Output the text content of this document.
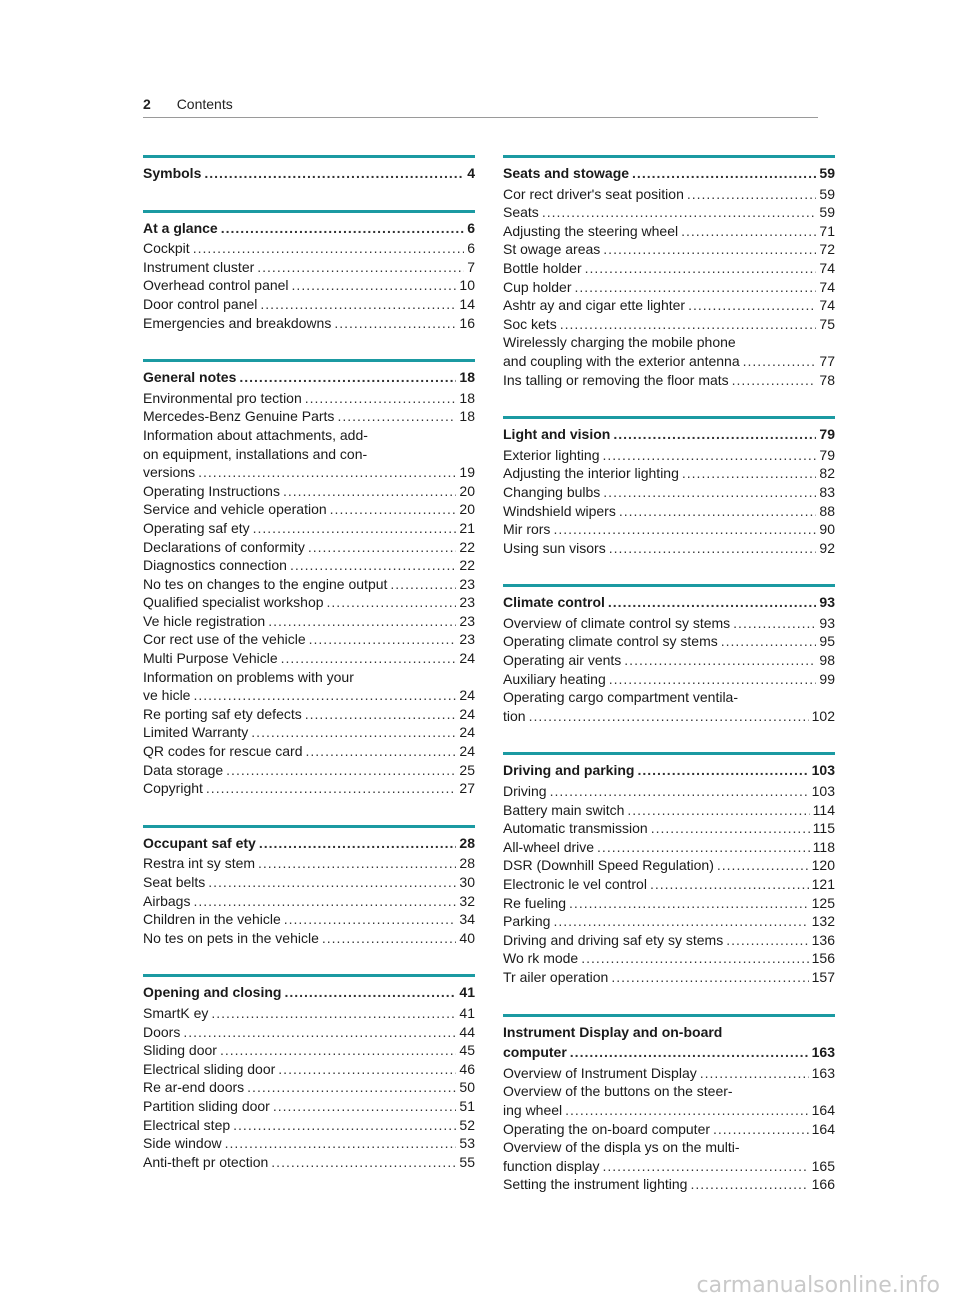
2 Contents
Symbols .....	4
At a glance .....	6
Cockpit .....	6
Instrument cluster .....	7
Overhead control panel .....	10
Door control panel .....	14
Emergencies and breakdowns .....	16
General notes .....	18
Environmental pro tection .....	18
Mercedes-Benz Genuine Parts .....	18
Information about attachments, add-
on equipment, installations and con-
versions .....	19
Operating Instructions .....	20
Service and vehicle operation .....	20
Operating saf ety .....	21
Declarations of conformity .....	22
Diagnostics connection .....	22
No tes on changes to the engine output .....	23
Qualified specialist workshop .....	23
Ve hicle registration .....	23
Cor rect use of the vehicle .....	23
Multi Purpose Vehicle .....	24
Information on problems with your
ve hicle .....	24
Re porting saf ety defects .....	24
Limited Warranty .....	24
QR codes for rescue card .....	24
Data storage .....	25
Copyright .....	27
Occupant saf ety .....	28
Restra int sy stem .....	28
Seat belts .....	30
Airbags .....	32
Children in the vehicle .....	34
No tes on pets in the vehicle .....	40
Opening and closing .....	41
SmartK ey .....	41
Doors .....	44
Sliding door .....	45
Electrical sliding door .....	46
Re ar-end doors .....	50
Partition sliding door .....	51
Electrical step .....	52
Side window .....	53
Anti-theft pr otection .....	55
Seats and stowage .....	59
Cor rect driver's seat position .....	59
Seats .....	59
Adjusting the steering wheel .....	71
St owage areas .....	72
Bottle holder .....	74
Cup holder .....	74
Ashtr ay and cigar ette lighter .....	74
Soc kets .....	75
Wirelessly charging the mobile phone
and coupling with the exterior antenna .....	77
Ins talling or removing the floor mats .....	78
Light and vision .....	79
Exterior lighting .....	79
Adjusting the interior lighting .....	82
Changing bulbs .....	83
Windshield wipers .....	88
Mir rors .....	90
Using sun visors .....	92
Climate control .....	93
Overview of climate control sy stems .....	93
Operating climate control sy stems .....	95
Operating air vents .....	98
Auxiliary heating .....	99
Operating cargo compartment ventila-
tion .....	102
Driving and parking .....	103
Driving .....	103
Battery main switch .....	114
Automatic transmission .....	115
All-wheel drive .....	118
DSR (Downhill Speed Regulation) .....	120
Electronic le vel control .....	121
Re fueling .....	125
Parking .....	132
Driving and driving saf ety sy stems .....	136
Wo rk mode .....	156
Tr ailer operation .....	157
Instrument Display and on-board
computer .....	163
Overview of Instrument Display .....	163
Overview of the buttons on the steer-
ing wheel .....	164
Operating the on-board computer .....	164
Overview of the displa ys on the multi-
function display .....	165
Setting the instrument lighting .....	166
carmanualsonline.info
